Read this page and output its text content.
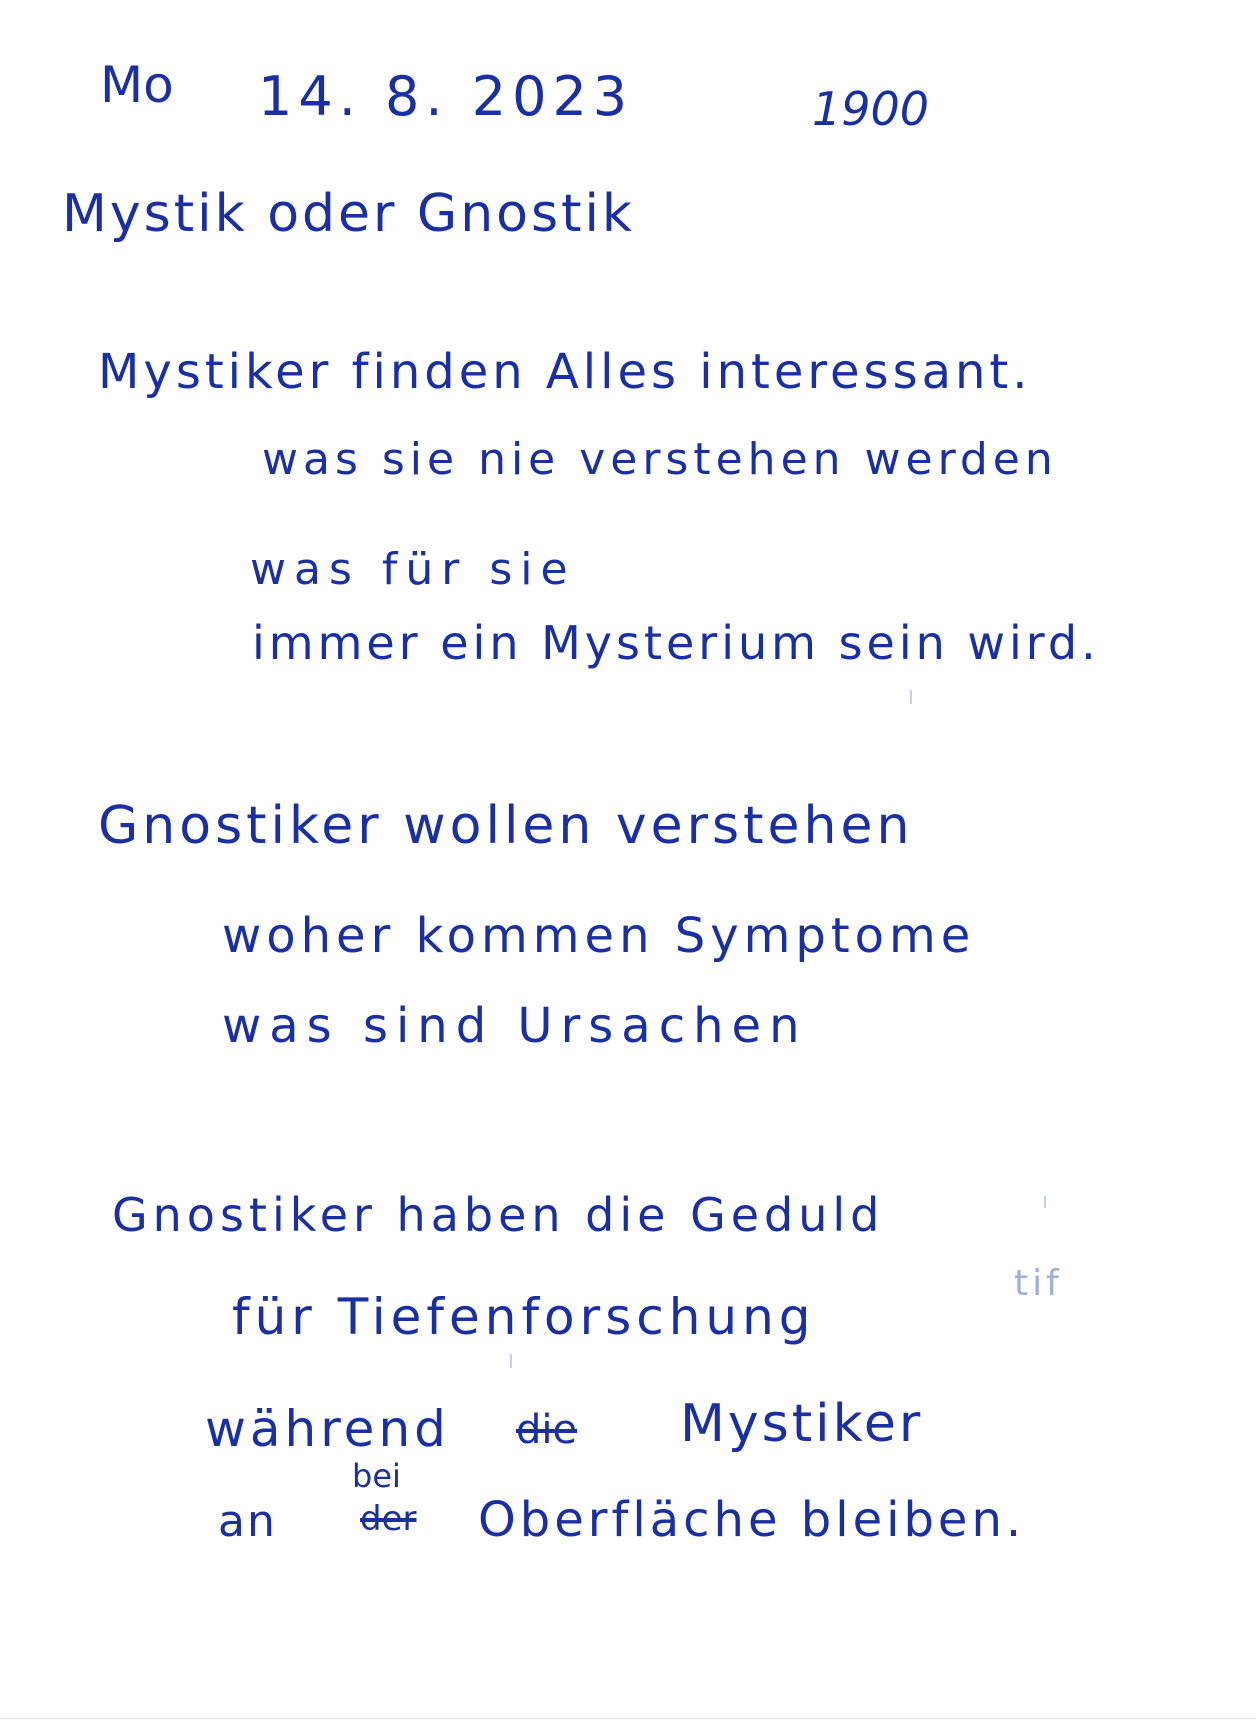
Mo 14. 8. 2023	1900
Mystik oder Gnostik
Mystiker finden Alles interessant.
was sie nie verstehen werden
was für sie
immer ein Mysterium sein wird.
Gnostiker wollen verstehen
woher kommen Symptome
was sind Ursachen
Gnostiker haben die Geduld
für Tiefenforschung
während die Mystiker
an
bei
der Oberfläche bleiben.
tif
